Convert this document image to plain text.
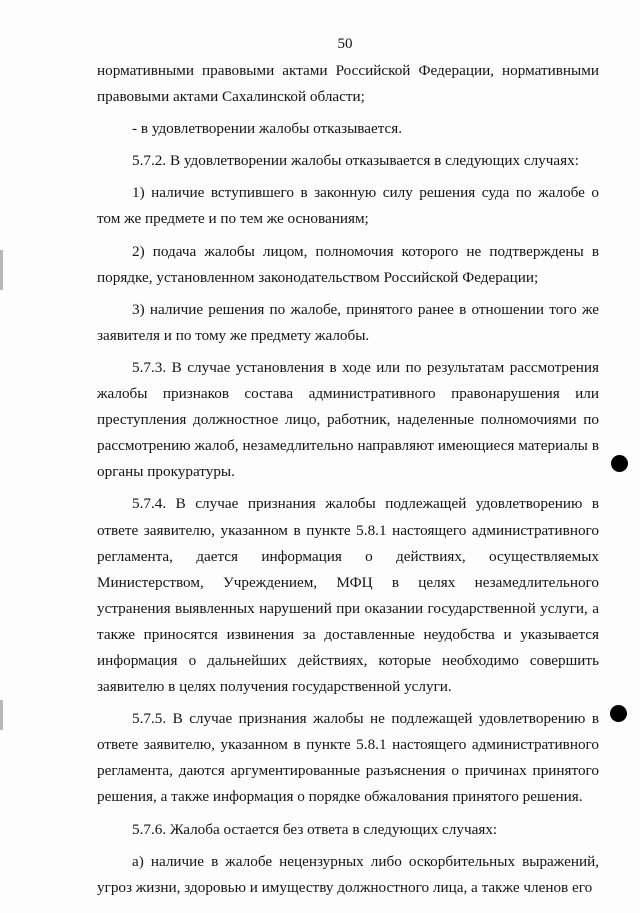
50

нормативными правовыми актами Российской Федерации, нормативными правовыми актами Сахалинской области;

- в удовлетворении жалобы отказывается.

5.7.2. В удовлетворении жалобы отказывается в следующих случаях:

1) наличие вступившего в законную силу решения суда по жалобе о том же предмете и по тем же основаниям;

2) подача жалобы лицом, полномочия которого не подтверждены в порядке, установленном законодательством Российской Федерации;

3) наличие решения по жалобе, принятого ранее в отношении того же заявителя и по тому же предмету жалобы.

5.7.3. В случае установления в ходе или по результатам рассмотрения жалобы признаков состава административного правонарушения или преступления должностное лицо, работник, наделенные полномочиями по рассмотрению жалоб, незамедлительно направляют имеющиеся материалы в органы прокуратуры.

5.7.4. В случае признания жалобы подлежащей удовлетворению в ответе заявителю, указанном в пункте 5.8.1 настоящего административного регламента, дается информация о действиях, осуществляемых Министерством, Учреждением, МФЦ в целях незамедлительного устранения выявленных нарушений при оказании государственной услуги, а также приносятся извинения за доставленные неудобства и указывается информация о дальнейших действиях, которые необходимо совершить заявителю в целях получения государственной услуги.

5.7.5. В случае признания жалобы не подлежащей удовлетворению в ответе заявителю, указанном в пункте 5.8.1 настоящего административного регламента, даются аргументированные разъяснения о причинах принятого решения, а также информация о порядке обжалования принятого решения.

5.7.6. Жалоба остается без ответа в следующих случаях:

а) наличие в жалобе нецензурных либо оскорбительных выражений, угроз жизни, здоровью и имуществу должностного лица, а также членов его
